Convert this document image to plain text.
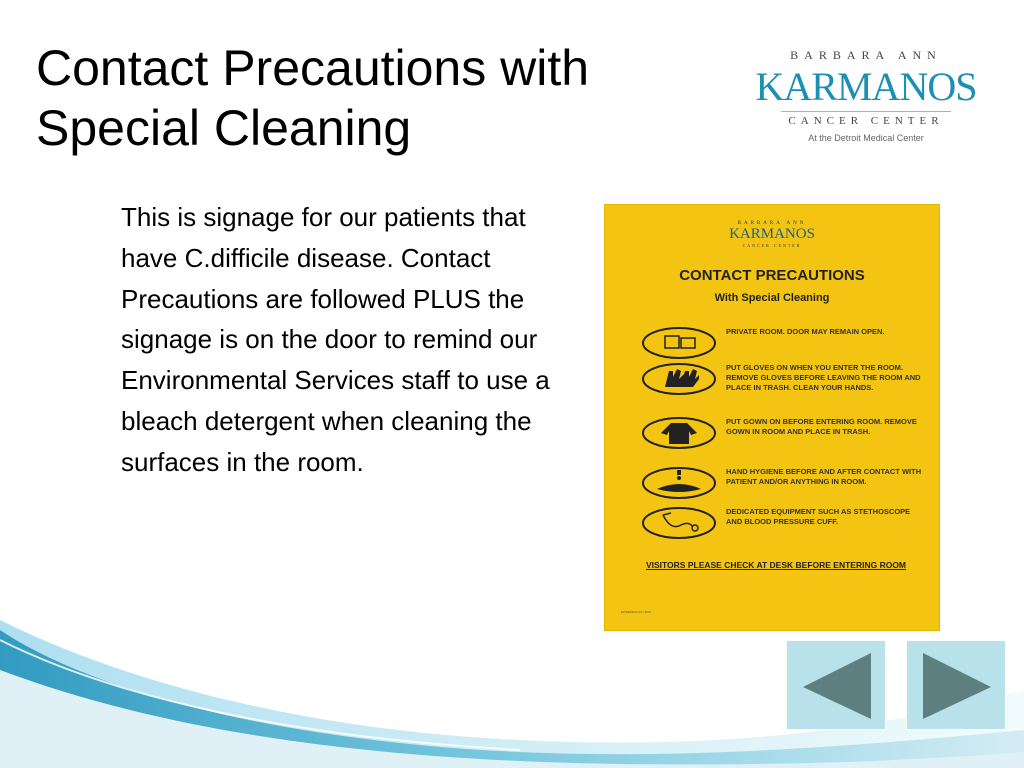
Contact Precautions with Special Cleaning
BARBARA ANN
KARMANOS
CANCER CENTER
At the Detroit Medical Center
This is signage for our patients that have C.difficile disease. Contact Precautions are followed PLUS the signage is on the door to remind our Environmental Services staff to use a bleach detergent when cleaning the surfaces in the room.
BARBARA ANN
KARMANOS
CANCER CENTER
CONTACT PRECAUTIONS
With Special Cleaning
PRIVATE ROOM. DOOR MAY REMAIN OPEN.
PUT GLOVES ON WHEN YOU ENTER THE ROOM. REMOVE GLOVES BEFORE LEAVING THE ROOM AND PLACE IN TRASH. CLEAN YOUR HANDS.
PUT GOWN ON BEFORE ENTERING ROOM. REMOVE GOWN IN ROOM AND PLACE IN TRASH.
HAND HYGIENE BEFORE AND AFTER CONTACT WITH PATIENT AND/OR ANYTHING IN ROOM.
DEDICATED EQUIPMENT SUCH AS STETHOSCOPE AND BLOOD PRESSURE CUFF.
VISITORS PLEASE CHECK AT DESK BEFORE ENTERING ROOM
EPIDEMIOLOGY 8/08
